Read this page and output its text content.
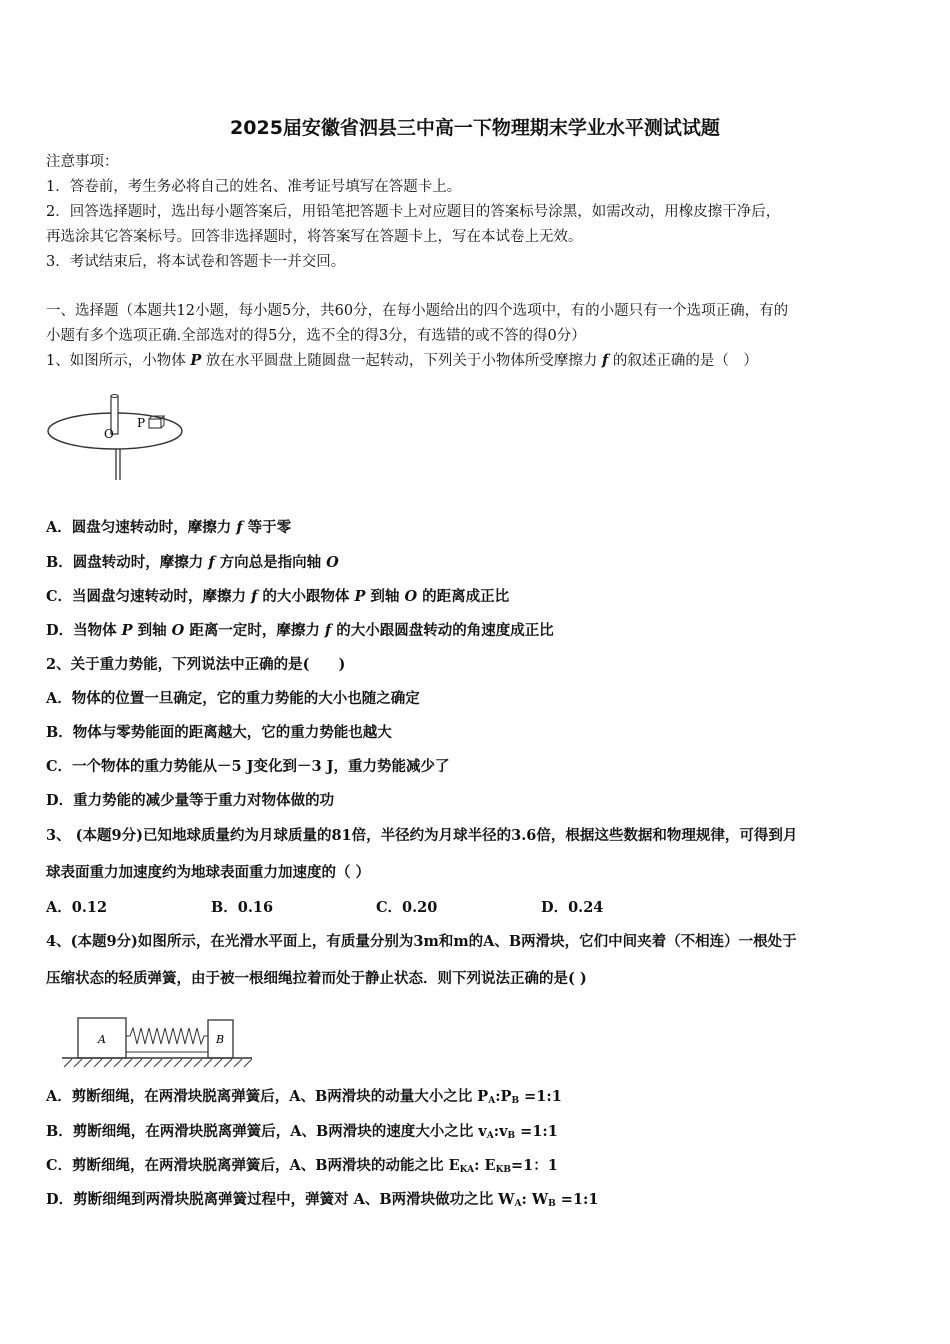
2025届安徽省泗县三中高一下物理期末学业水平测试试题
注意事项：
1．答卷前，考生务必将自己的姓名、准考证号填写在答题卡上。
2．回答选择题时，选出每小题答案后，用铅笔把答题卡上对应题目的答案标号涂黑，如需改动，用橡皮擦干净后，
再选涂其它答案标号。回答非选择题时，将答案写在答题卡上，写在本试卷上无效。
3．考试结束后，将本试卷和答题卡一并交回。
一、选择题（本题共12小题，每小题5分，共60分，在每小题给出的四个选项中，有的小题只有一个选项正确，有的
小题有多个选项正确.全部选对的得5分，选不全的得3分，有选错的或不答的得0分）
1、如图所示，小物体 P 放在水平圆盘上随圆盘一起转动，下列关于小物体所受摩擦力 f 的叙述正确的是（　）
O
P
A．圆盘匀速转动时，摩擦力 f 等于零
B．圆盘转动时，摩擦力 f 方向总是指向轴 O
C．当圆盘匀速转动时，摩擦力 f 的大小跟物体 P 到轴 O 的距离成正比
D．当物体 P 到轴 O 距离一定时，摩擦力 f 的大小跟圆盘转动的角速度成正比
2、关于重力势能，下列说法中正确的是(　　)
A．物体的位置一旦确定，它的重力势能的大小也随之确定
B．物体与零势能面的距离越大，它的重力势能也越大
C．一个物体的重力势能从－5 J变化到－3 J，重力势能减少了
D．重力势能的减少量等于重力对物体做的功
3、 (本题9分)已知地球质量约为月球质量的81倍，半径约为月球半径的3.6倍，根据这些数据和物理规律，可得到月
球表面重力加速度约为地球表面重力加速度的（ ）
A．0.12	B．0.16	C．0.20	D．0.24
4、(本题9分)如图所示，在光滑水平面上，有质量分别为3m和m的A、B两滑块，它们中间夹着（不相连）一根处于
压缩状态的轻质弹簧，由于被一根细绳拉着而处于静止状态．则下列说法正确的是( )
A	B
A．剪断细绳，在两滑块脱离弹簧后，A、B两滑块的动量大小之比 $P_A:P_B$ =1:1
B．剪断细绳，在两滑块脱离弹簧后，A、B两滑块的速度大小之比 $v_A:v_B$ =1:1
C．剪断细绳，在两滑块脱离弹簧后，A、B两滑块的动能之比 $E_{KA}$: $E_{KB}=1$：1
D．剪断细绳到两滑块脱离弹簧过程中，弹簧对 A、B两滑块做功之比 $W_A$: $W_B$ =1:1
